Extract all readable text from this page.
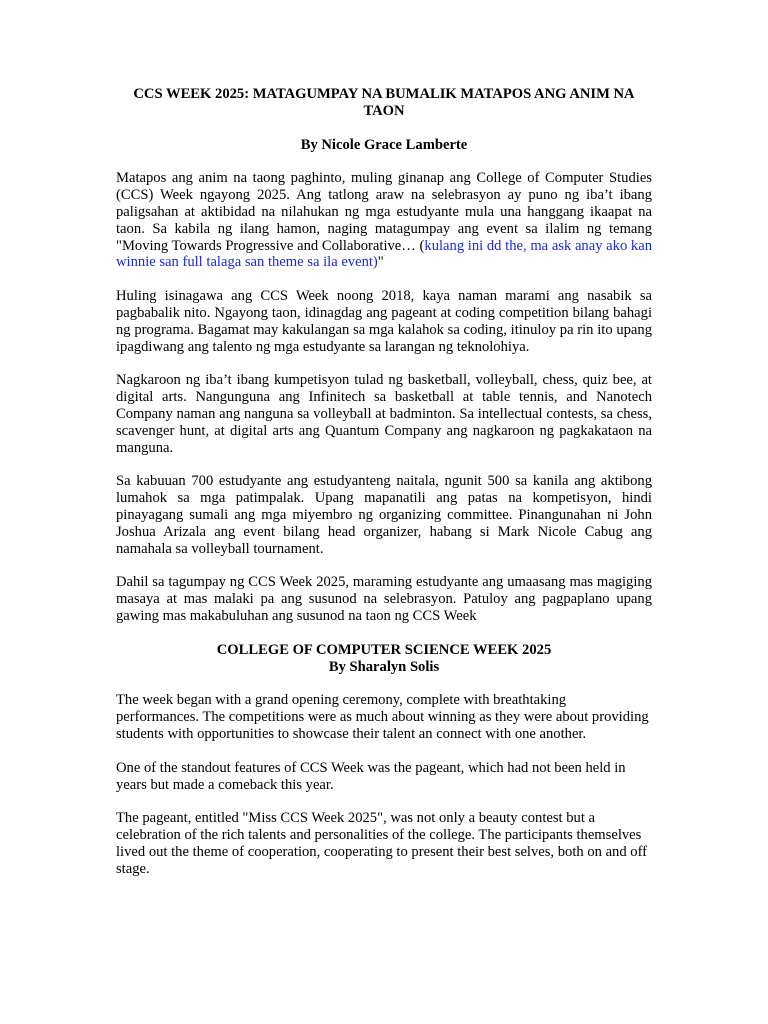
CCS WEEK 2025: MATAGUMPAY NA BUMALIK MATAPOS ANG ANIM NA TAON

By Nicole Grace Lamberte

Matapos ang anim na taong paghinto, muling ginanap ang College of Computer Studies (CCS) Week ngayong 2025. Ang tatlong araw na selebrasyon ay puno ng iba’t ibang paligsahan at aktibidad na nilahukan ng mga estudyante mula una hanggang ikaapat na taon. Sa kabila ng ilang hamon, naging matagumpay ang event sa ilalim ng temang "Moving Towards Progressive and Collaborative… (kulang ini dd the, ma ask anay ako kan winnie san full talaga san theme sa ila event)"

Huling isinagawa ang CCS Week noong 2018, kaya naman marami ang nasabik sa pagbabalik nito. Ngayong taon, idinagdag ang pageant at coding competition bilang bahagi ng programa. Bagamat may kakulangan sa mga kalahok sa coding, itinuloy pa rin ito upang ipagdiwang ang talento ng mga estudyante sa larangan ng teknolohiya.

Nagkaroon ng iba’t ibang kumpetisyon tulad ng basketball, volleyball, chess, quiz bee, at digital arts. Nangunguna ang Infinitech sa basketball at table tennis, and Nanotech Company naman ang nanguna sa volleyball at badminton. Sa intellectual contests, sa chess, scavenger hunt, at digital arts ang Quantum Company ang nagkaroon ng pagkakataon na manguna.

Sa kabuuan 700 estudyante ang estudyanteng naitala, ngunit 500 sa kanila ang aktibong lumahok sa mga patimpalak. Upang mapanatili ang patas na kompetisyon, hindi pinayagang sumali ang mga miyembro ng organizing committee. Pinangunahan ni John Joshua Arizala ang event bilang head organizer, habang si Mark Nicole Cabug ang namahala sa volleyball tournament.

Dahil sa tagumpay ng CCS Week 2025, maraming estudyante ang umaasang mas magiging masaya at mas malaki pa ang susunod na selebrasyon. Patuloy ang pagpaplano upang gawing mas makabuluhan ang susunod na taon ng CCS Week

COLLEGE OF COMPUTER SCIENCE WEEK 2025

By Sharalyn Solis

The week began with a grand opening ceremony, complete with breathtaking performances. The competitions were as much about winning as they were about providing students with opportunities to showcase their talent an connect with one another.

One of the standout features of CCS Week was the pageant, which had not been held in years but made a comeback this year.

The pageant, entitled "Miss CCS Week 2025", was not only a beauty contest but a celebration of the rich talents and personalities of the college. The participants themselves lived out the theme of cooperation, cooperating to present their best selves, both on and off stage.
